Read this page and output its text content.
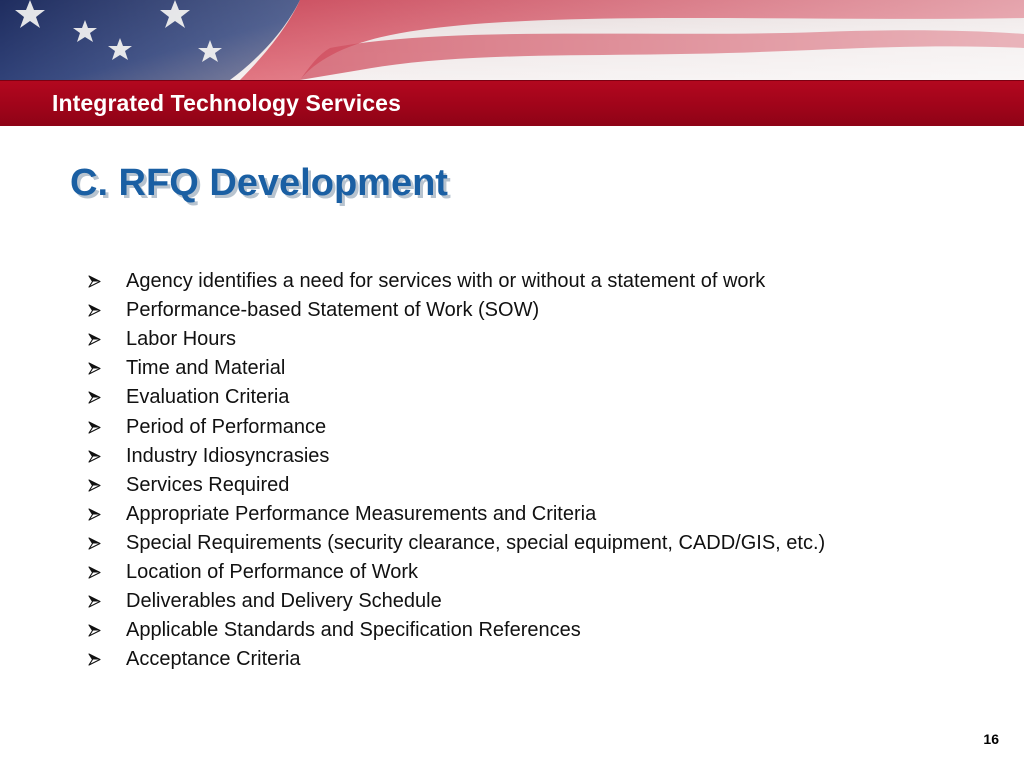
Integrated Technology Services
C. RFQ Development
Agency identifies a need for services with or without a statement of work
Performance-based Statement of Work (SOW)
Labor Hours
Time and Material
Evaluation Criteria
Period of Performance
Industry Idiosyncrasies
Services Required
Appropriate Performance Measurements and Criteria
Special Requirements (security clearance, special equipment, CADD/GIS, etc.)
Location of Performance of Work
Deliverables and Delivery Schedule
Applicable Standards and Specification References
Acceptance Criteria
16
